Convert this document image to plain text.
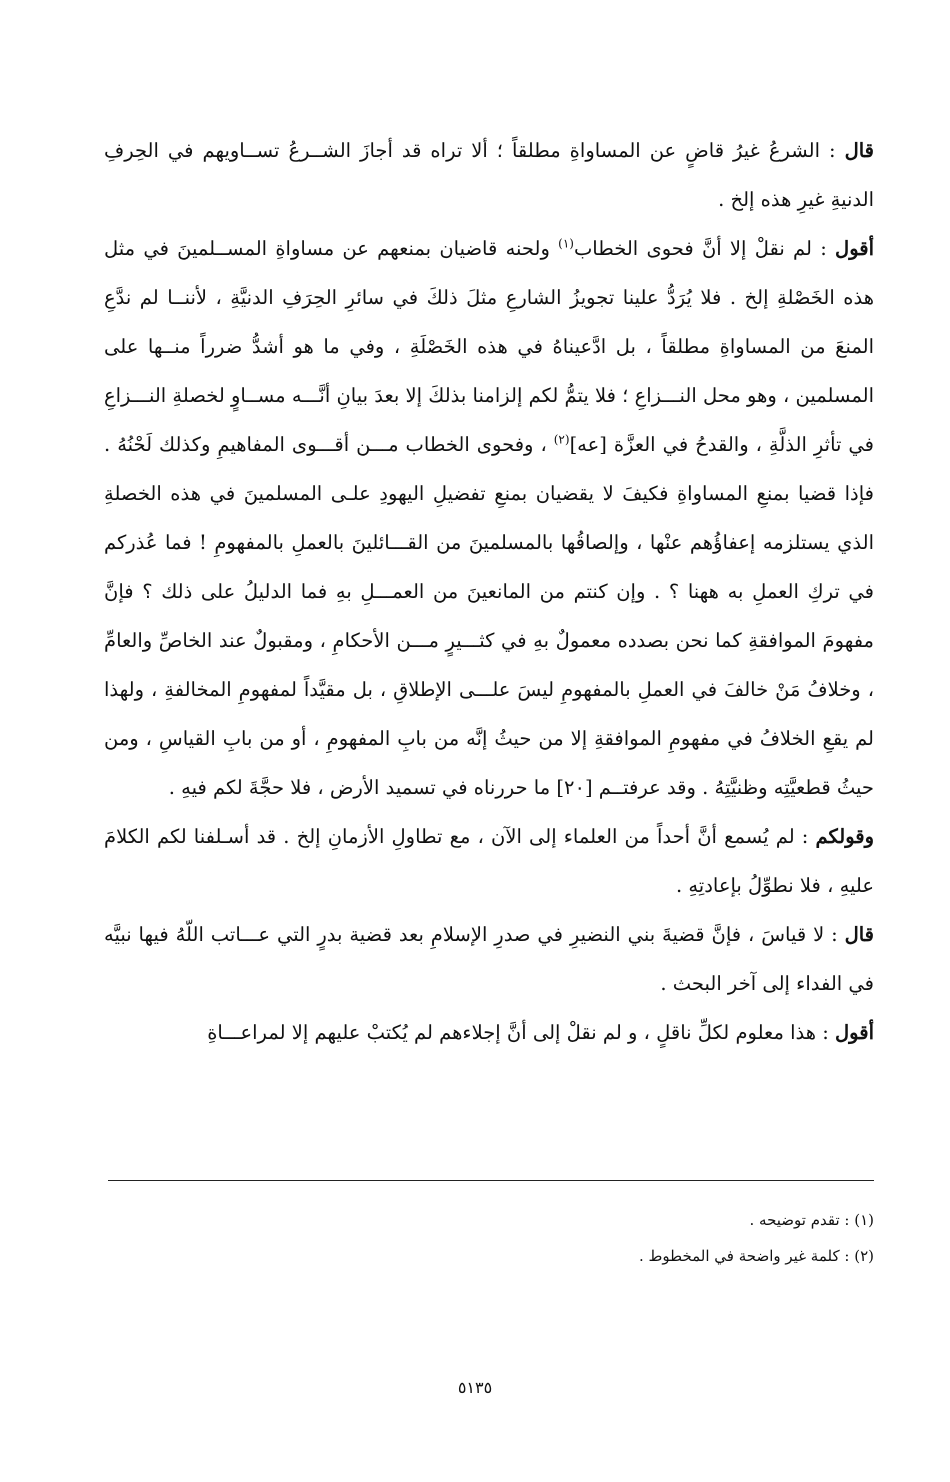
قال : الشرعُ غيرُ قاضٍ عن المساواةِ مطلقاً ؛ ألا تراه قد أجازَ الشــرعُ تســاويهم في الحِرفِ الدنيةِ غيرِ هذه إلخ .

أقول : لم نقلْ إلا أنَّ فحوى الخطاب$^{(١)}$ ولحنه قاضيان بمنعهم عن مساواةِ المســلمينَ في مثل هذه الخَصْلةِ إلخ . فلا يُرَدُّ علينا تجويزُ الشارعِ مثلَ ذلكَ في سائرِ الحِرَفِ الدنيَّةِ ، لأننــا لم ندَّعِ المنعَ من المساواةِ مطلقاً ، بل ادَّعيناهُ في هذه الخَصْلَةِ ، وفي ما هو أشدُّ ضرراً منــها على المسلمين ، وهو محل النـــزاعِ ؛ فلا يتمُّ لكم إلزامنا بذلكَ إلا بعدَ بيانِ أنَّـــه مســاوٍ لخصلةِ النـــزاعِ في تأثرِ الذلَّةِ ، والقدحُ في العزَّة [عه]$^{(٢)}$ ، وفحوى الخطاب مـــن أقـــوى المفاهيمِ وكذلك لَحْنُهُ . فإذا قضيا بمنعِ المساواةِ فكيفَ لا يقضيان بمنعِ تفضيلِ اليهودِ علـى المسلمينَ في هذه الخصلةِ الذي يستلزمه إعفاؤُهم عنْها ، وإلصاقُها بالمسلمينَ من القـــائلينَ بالعملِ بالمفهومِ ! فما عُذركم في تركِ العملِ به ههنا ؟ . وإن كنتم من المانعينَ من العمـــلِ بهِ فما الدليلُ على ذلك ؟ فإنَّ مفهومَ الموافقةِ كما نحن بصدده معمولٌ بهِ في كثـــيرٍ مـــن الأحكامِ ، ومقبولٌ عند الخاصِّ والعامِّ ، وخلافُ مَنْ خالفَ في العملِ بالمفهومِ ليسَ علـــى الإطلاقِ ، بل مقيَّداً لمفهومِ المخالفةِ ، ولهذا لم يقعِ الخلافُ في مفهومِ الموافقةِ إلا من حيثُ إنَّه من بابِ المفهومِ ، أو من بابِ القياسِ ، ومن حيثُ قطعيَّتِه وظنيَّتِهُ . وقد عرفتــم [٢٠] ما حررناه في تسميد الأرض ، فلا حجَّةَ لكم فيهِ .

وقولكم : لم يُسمع أنَّ أحداً من العلماء إلى الآن ، مع تطاولِ الأزمانِ إلخ . قد أسـلفنا لكم الكلامَ عليهِ ، فلا نطوِّلُ بإعادتِهِ .

قال : لا قياسَ ، فإنَّ قضيةَ بني النضيرِ في صدرِ الإسلامِ بعد قضية بدرٍ التي عـــاتب اللّهُ فيها نبيَّه في الفداء إلى آخر البحث .

أقول : هذا معلوم لكلِّ ناقلٍ ، و لم نقلْ إلى أنَّ إجلاءهم لم يُكتبْ عليهم إلا لمراعـــاةِ

(١) : تقدم توضيحه .

(٢) : كلمة غير واضحة في المخطوط .

٥١٣٥
